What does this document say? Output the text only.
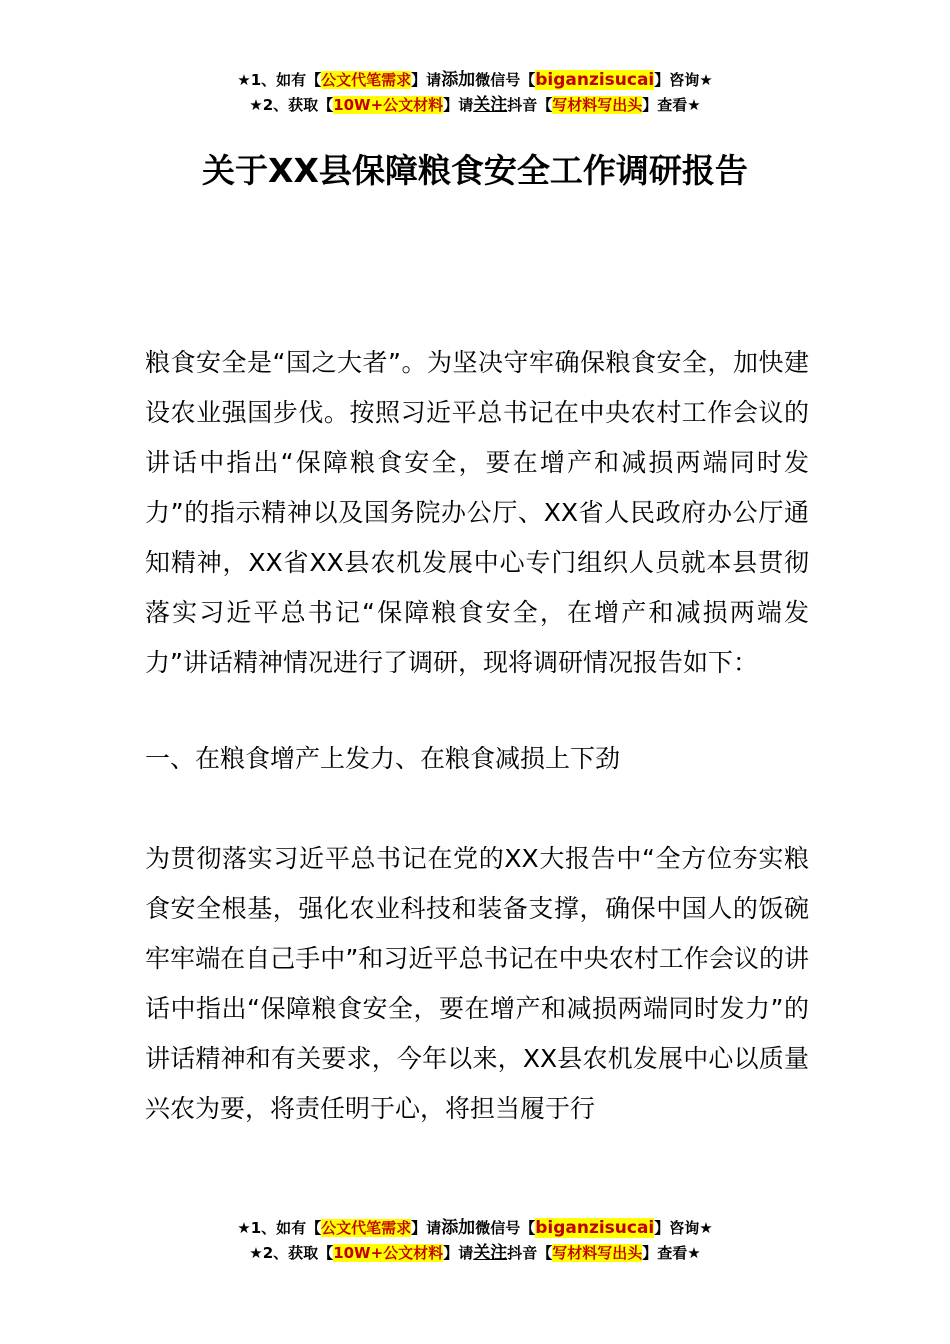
★1、如有【公文代笔需求】请添加微信号【biganzisucai】咨询★
★2、获取【10W+公文材料】请关注抖音【写材料写出头】查看★
关于XX县保障粮食安全工作调研报告

粮食安全是“国之大者”。为坚决守牢确保粮食安全，加快建设农业强国步伐。按照习近平总书记在中央农村工作会议的讲话中指出“保障粮食安全，要在增产和减损两端同时发力”的指示精神以及国务院办公厅、XX省人民政府办公厅通知精神，XX省XX县农机发展中心专门组织人员就本县贯彻落实习近平总书记“保障粮食安全，在增产和减损两端发力”讲话精神情况进行了调研，现将调研情况报告如下：

一、在粮食增产上发力、在粮食减损上下劲

为贯彻落实习近平总书记在党的XX大报告中“全方位夯实粮食安全根基，强化农业科技和装备支撑，确保中国人的饭碗牢牢端在自己手中”和习近平总书记在中央农村工作会议的讲话中指出“保障粮食安全，要在增产和减损两端同时发力”的讲话精神和有关要求，今年以来，XX县农机发展中心以质量兴农为要，将责任明于心，将担当履于行

★1、如有【公文代笔需求】请添加微信号【biganzisucai】咨询★
★2、获取【10W+公文材料】请关注抖音【写材料写出头】查看★
